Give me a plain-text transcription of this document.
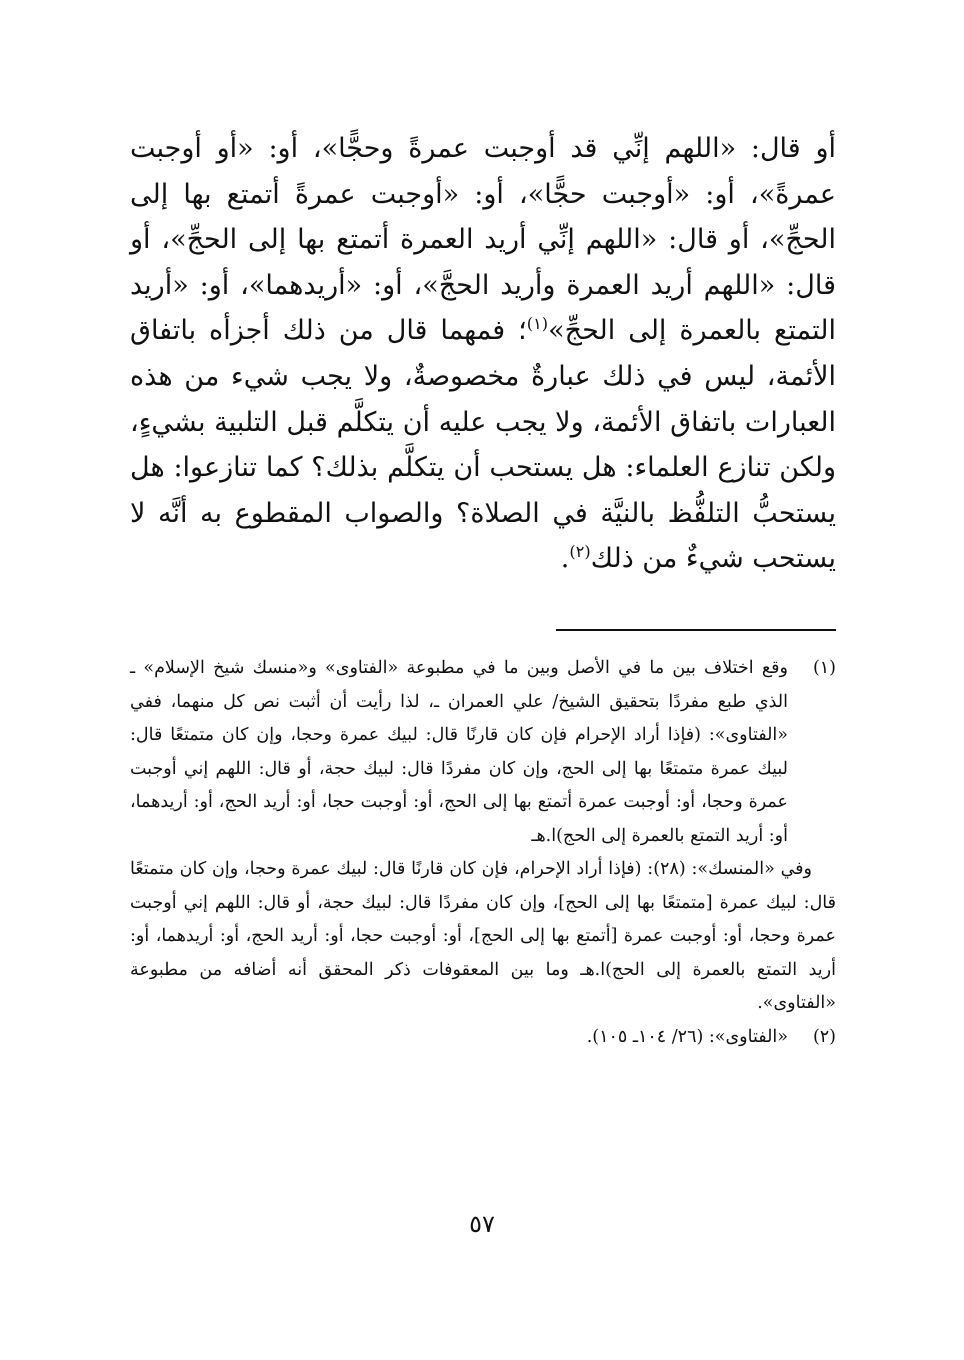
أو قال: «اللهم إنِّي قد أوجبت عمرةً وحجًّا»، أو: «أو أوجبت عمرةً»، أو: «أوجبت حجًّا»، أو: «أوجبت عمرةً أتمتع بها إلى الحجِّ»، أو قال: «اللهم إنِّي أريد العمرة أتمتع بها إلى الحجِّ»، أو قال: «اللهم أريد العمرة وأريد الحجَّ»، أو: «أريدهما»، أو: «أريد التمتع بالعمرة إلى الحجِّ»$^{(١)}$؛ فمهما قال من ذلك أجزأه باتفاق الأئمة، ليس في ذلك عبارةٌ مخصوصةٌ، ولا يجب شيء من هذه العبارات باتفاق الأئمة، ولا يجب عليه أن يتكلَّم قبل التلبية بشيءٍ، ولكن تنازع العلماء: هل يستحب أن يتكلَّم بذلك؟ كما تنازعوا: هل يستحبُّ التلفُّظ بالنيَّة في الصلاة؟ والصواب المقطوع به أنَّه لا يستحب شيءٌ من ذلك$^{(٢)}$.

(١)
وقع اختلاف بين ما في الأصل وبين ما في مطبوعة «الفتاوى» و«منسك شيخ الإسلام» ـ الذي طبع مفردًا بتحقيق الشيخ/ علي العمران ـ، لذا رأيت أن أثبت نص كل منهما، ففي «الفتاوى»: (فإذا أراد الإحرام فإن كان قارنًا قال: لبيك عمرة وحجا، وإن كان متمتعًا قال: لبيك عمرة متمتعًا بها إلى الحج، وإن كان مفردًا قال: لبيك حجة، أو قال: اللهم إني أوجبت عمرة وحجا، أو: أوجبت عمرة أتمتع بها إلى الحج، أو: أوجبت حجا، أو: أريد الحج، أو: أريدهما، أو: أريد التمتع بالعمرة إلى الحج)ا.هـ

وفي «المنسك»: (٢٨): (فإذا أراد الإحرام، فإن كان قارنًا قال: لبيك عمرة وحجا، وإن كان متمتعًا قال: لبيك عمرة [متمتعًا بها إلى الحج]، وإن كان مفردًا قال: لبيك حجة، أو قال: اللهم إني أوجبت عمرة وحجا، أو: أوجبت عمرة [أتمتع بها إلى الحج]، أو: أوجبت حجا، أو: أريد الحج، أو: أريدهما، أو: أريد التمتع بالعمرة إلى الحج)ا.هـ وما بين المعقوفات ذكر المحقق أنه أضافه من مطبوعة «الفتاوى».

(٢)
«الفتاوى»: (٢٦/ ١٠٤ـ ١٠٥).

٥٧
